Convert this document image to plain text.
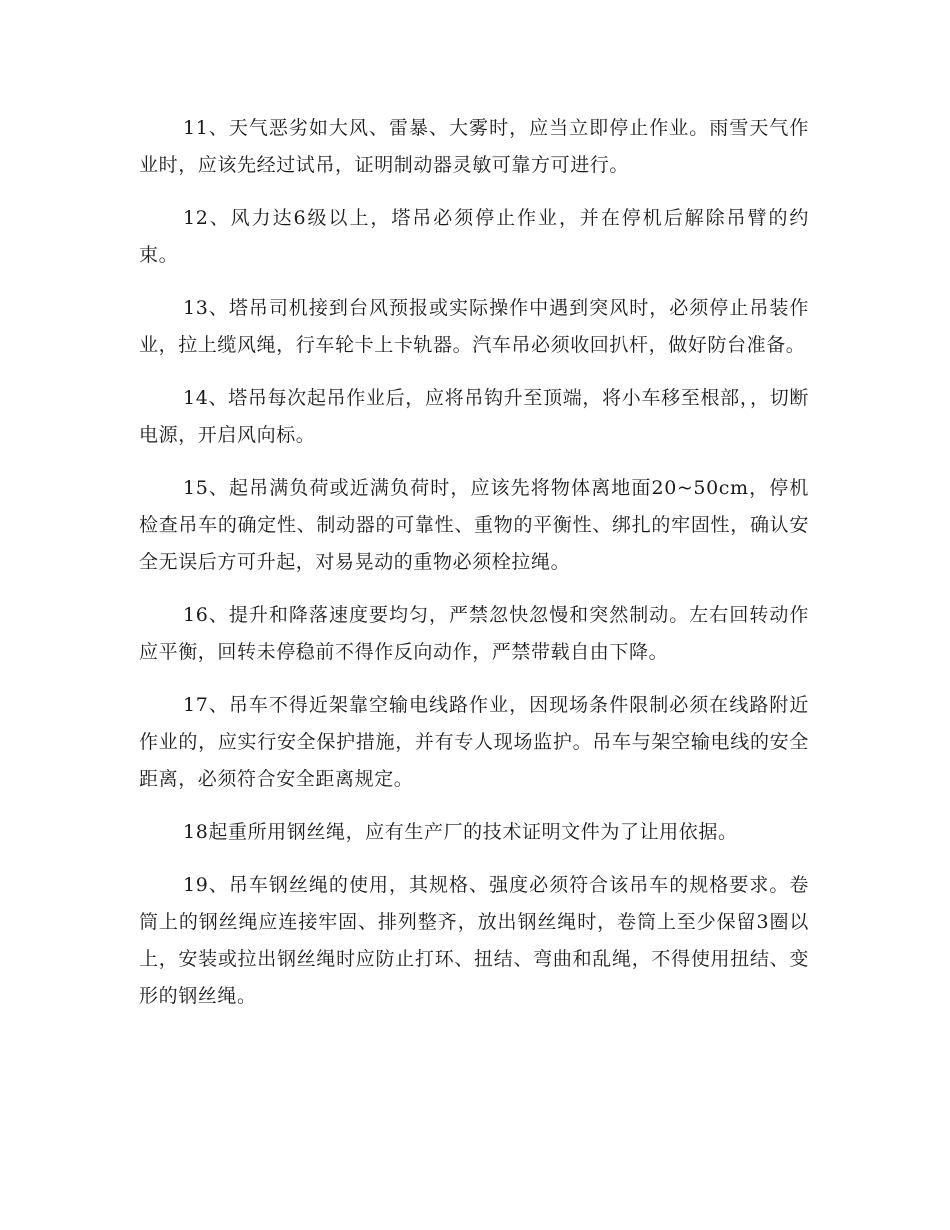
11、天气恶劣如大风、雷暴、大雾时，应当立即停止作业。雨雪天气作业时，应该先经过试吊，证明制动器灵敏可靠方可进行。

12、风力达6级以上，塔吊必须停止作业，并在停机后解除吊臂的约束。

13、塔吊司机接到台风预报或实际操作中遇到突风时，必须停止吊装作业，拉上缆风绳，行车轮卡上卡轨器。汽车吊必须收回扒杆，做好防台准备。

14、塔吊每次起吊作业后，应将吊钩升至顶端，将小车移至根部，，切断电源，开启风向标。

15、起吊满负荷或近满负荷时，应该先将物体离地面20~50cm，停机检查吊车的确定性、制动器的可靠性、重物的平衡性、绑扎的牢固性，确认安全无误后方可升起，对易晃动的重物必须栓拉绳。

16、提升和降落速度要均匀，严禁忽快忽慢和突然制动。左右回转动作应平衡，回转未停稳前不得作反向动作，严禁带载自由下降。

17、吊车不得近架靠空输电线路作业，因现场条件限制必须在线路附近作业的，应实行安全保护措施，并有专人现场监护。吊车与架空输电线的安全距离，必须符合安全距离规定。

18起重所用钢丝绳，应有生产厂的技术证明文件为了让用依据。

19、吊车钢丝绳的使用，其规格、强度必须符合该吊车的规格要求。卷筒上的钢丝绳应连接牢固、排列整齐，放出钢丝绳时，卷筒上至少保留3圈以上，安装或拉出钢丝绳时应防止打环、扭结、弯曲和乱绳，不得使用扭结、变形的钢丝绳。
